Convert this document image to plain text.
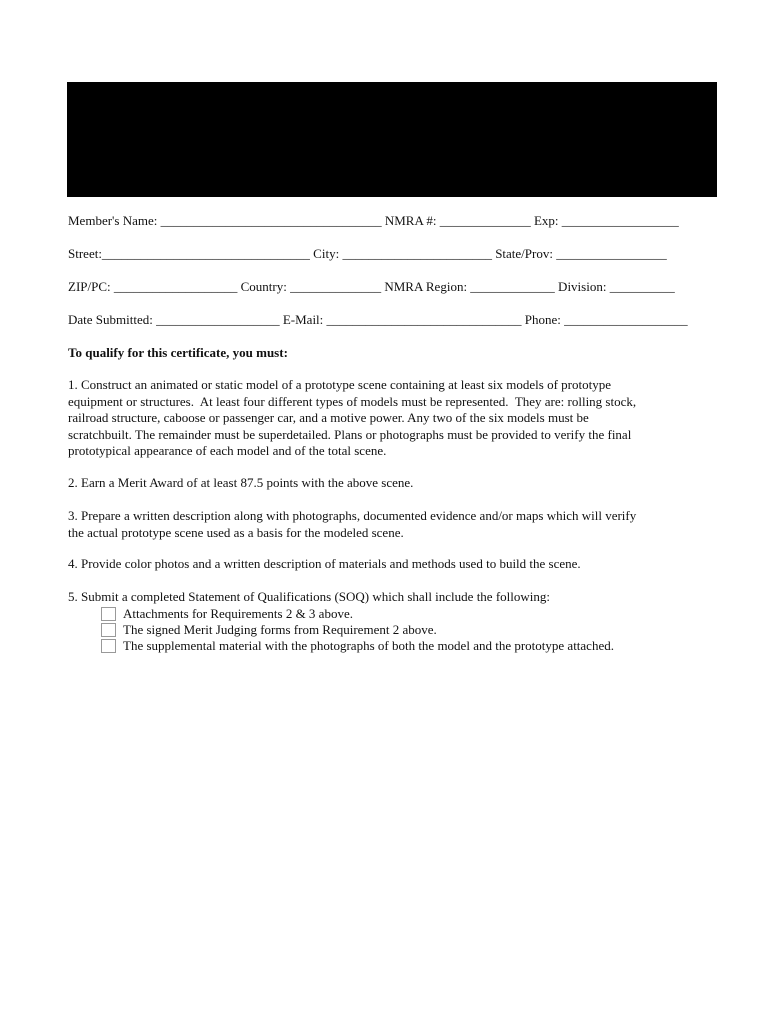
Member's Name: __________________________________ NMRA #: ______________ Exp: __________________
Street:________________________________ City: _______________________ State/Prov: _________________
ZIP/PC: ___________________ Country: ______________ NMRA Region: _____________ Division: __________
Date Submitted: ___________________ E-Mail: ______________________________ Phone: ___________________
To qualify for this certificate, you must:

1. Construct an animated or static model of a prototype scene containing at least six models of prototype

equipment or structures.  At least four different types of models must be represented.  They are: rolling stock,

railroad structure, caboose or passenger car, and a motive power. Any two of the six models must be

scratchbuilt. The remainder must be superdetailed. Plans or photographs must be provided to verify the final

prototypical appearance of each model and of the total scene.

2. Earn a Merit Award of at least 87.5 points with the above scene.

3. Prepare a written description along with photographs, documented evidence and/or maps which will verify

the actual prototype scene used as a basis for the modeled scene.

4. Provide color photos and a written description of materials and methods used to build the scene.

5. Submit a completed Statement of Qualifications (SOQ) which shall include the following:

Attachments for Requirements 2 & 3 above.
The signed Merit Judging forms from Requirement 2 above.
The supplemental material with the photographs of both the model and the prototype attached.
